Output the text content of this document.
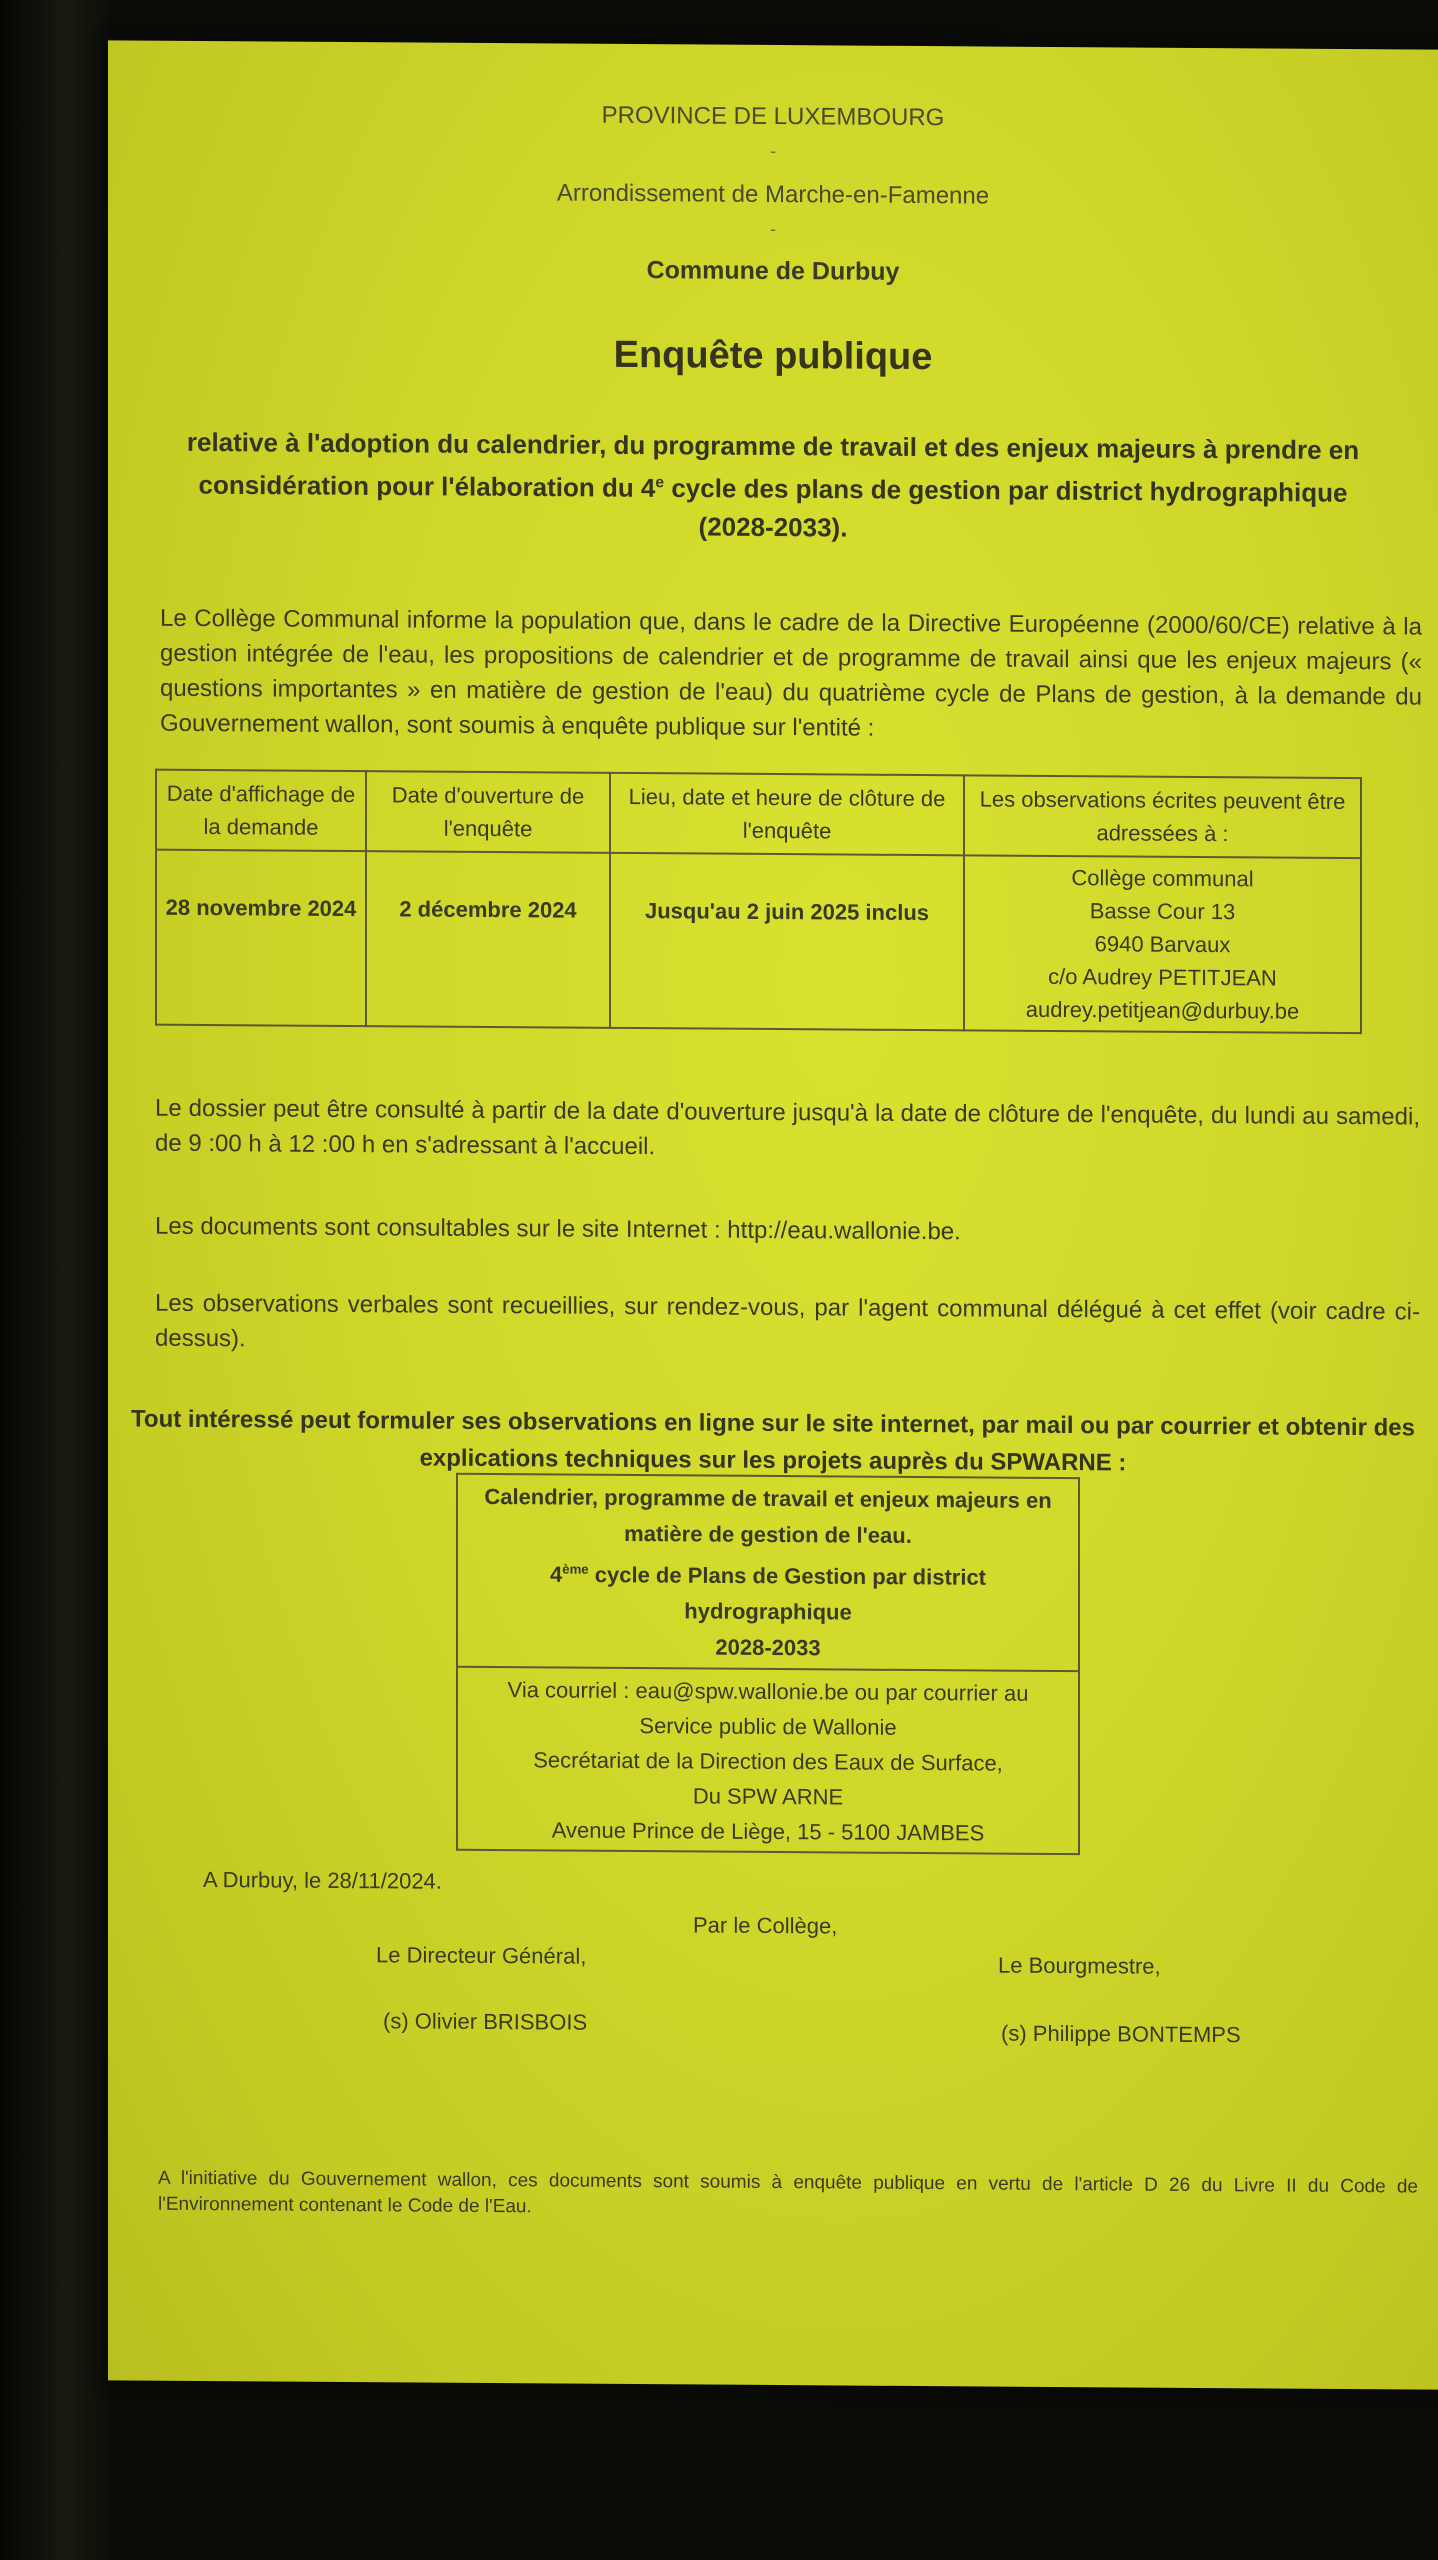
PROVINCE DE LUXEMBOURG
-
Arrondissement de Marche-en-Famenne
-
Commune de Durbuy
Enquête publique
relative à l'adoption du calendrier, du programme de travail et des enjeux majeurs à prendre en
considération pour l'élaboration du 4e cycle des plans de gestion par district hydrographique
(2028-2033).
Le Collège Communal informe la population que, dans le cadre de la Directive Européenne (2000/60/CE) relative à la gestion intégrée de l'eau, les propositions de calendrier et de programme de travail ainsi que les enjeux majeurs (« questions importantes » en matière de gestion de l'eau) du quatrième cycle de Plans de gestion, à la demande du Gouvernement wallon, sont soumis à enquête publique sur l'entité :
Date d'affichage de la demande	Date d'ouverture de l'enquête	Lieu, date et heure de clôture de l'enquête	Les observations écrites peuvent être adressées à :
28 novembre 2024	2 décembre 2024	Jusqu'au 2 juin 2025 inclus	Collège communal
Basse Cour 13
6940 Barvaux
c/o Audrey PETITJEAN
audrey.petitjean@durbuy.be
Le dossier peut être consulté à partir de la date d'ouverture jusqu'à la date de clôture de l'enquête, du lundi au samedi, de 9 :00 h à 12 :00 h en s'adressant à l'accueil.
Les documents sont consultables sur le site Internet : http://eau.wallonie.be.
Les observations verbales sont recueillies, sur rendez-vous, par l'agent communal délégué à cet effet (voir cadre ci-dessus).
Tout intéressé peut formuler ses observations en ligne sur le site internet, par mail ou par courrier et obtenir des
explications techniques sur les projets auprès du SPWARNE :
Calendrier, programme de travail et enjeux majeurs en
matière de gestion de l'eau.
4ème cycle de Plans de Gestion par district hydrographique
2028-2033
Via courriel : eau@spw.wallonie.be ou par courrier au
Service public de Wallonie
Secrétariat de la Direction des Eaux de Surface,
Du SPW ARNE
Avenue Prince de Liège, 15 - 5100 JAMBES
A Durbuy, le 28/11/2024.
Par le Collège,
Le Directeur Général,
(s) Olivier BRISBOIS
Le Bourgmestre,
(s) Philippe BONTEMPS
A l'initiative du Gouvernement wallon, ces documents sont soumis à enquête publique en vertu de l'article D 26 du Livre II du Code de l'Environnement contenant le Code de l'Eau.
